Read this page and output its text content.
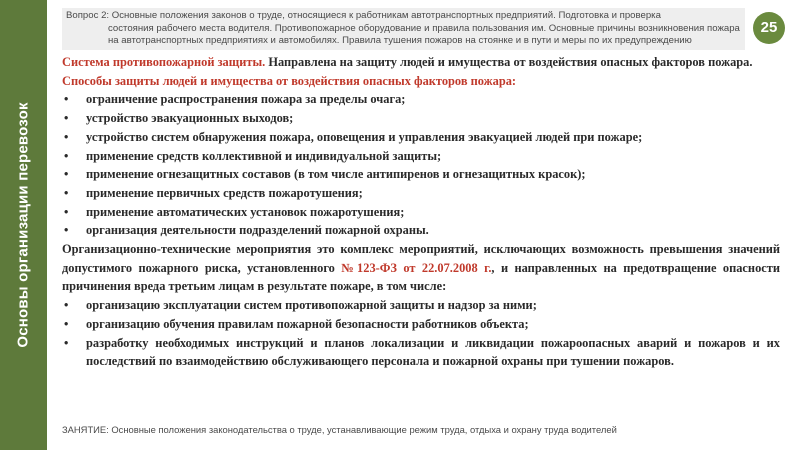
Основы организации перевозок
Вопрос 2: Основные положения законов о труде, относящиеся к работникам автотранспортных предприятий. Подготовка и проверка
состояния рабочего места водителя. Противопожарное оборудование и правила пользования им. Основные причины возникновения пожара на автотранспортных предприятиях и автомобилях. Правила тушения пожаров на стоянке и в пути и меры по их предупреждению
25

Система противопожарной защиты. Направлена на защиту людей и имущества от воздействия опасных факторов пожара.

Способы защиты людей и имущества от воздействия опасных факторов пожара:

• ограничение распространения пожара за пределы очага;
• устройство эвакуационных выходов;
• устройство систем обнаружения пожара, оповещения и управления эвакуацией людей при пожаре;
• применение средств коллективной и индивидуальной защиты;
• применение огнезащитных составов (в том числе антипиренов и огнезащитных красок);
• применение первичных средств пожаротушения;
• применение автоматических установок пожаротушения;
• организация деятельности подразделений пожарной охраны.

Организационно-технические мероприятия это комплекс мероприятий, исключающих возможность превышения значений допустимого пожарного риска, установленного №123-ФЗ от 22.07.2008 г., и направленных на предотвращение опасности причинения вреда третьим лицам в результате пожаре, в том числе:

• организацию эксплуатации систем противопожарной защиты и надзор за ними;
• организацию обучения правилам пожарной безопасности работников объекта;
• разработку необходимых инструкций и планов локализации и ликвидации пожароопасных аварий и пожаров и их последствий по взаимодействию обслуживающего персонала и пожарной охраны при тушении пожаров.
ЗАНЯТИЕ: Основные положения законодательства о труде, устанавливающие режим труда, отдыха и охрану труда водителей
